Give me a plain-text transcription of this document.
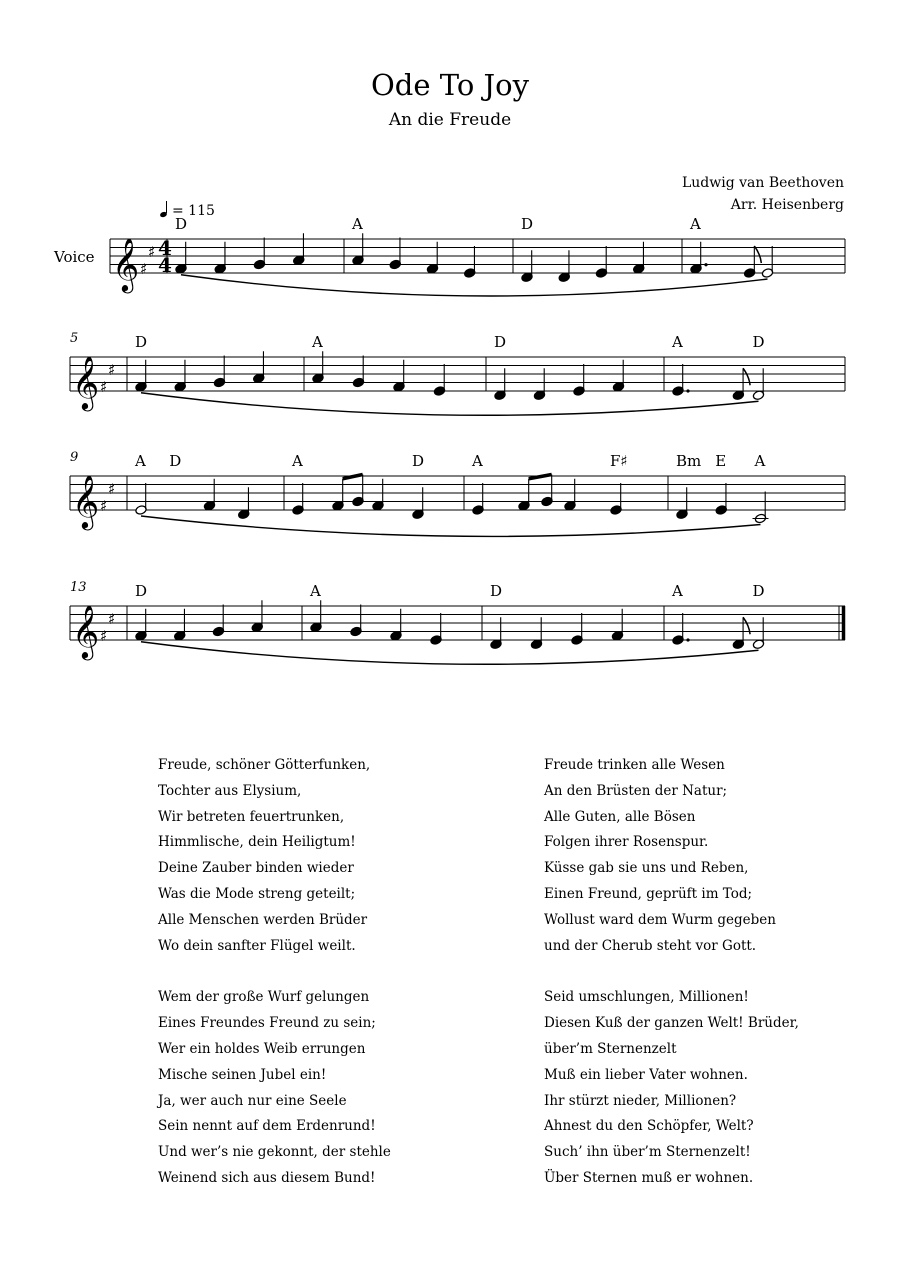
Ode To Joy
An die Freude
Ludwig van Beethoven
Arr. Heisenberg
= 115
Voice 𝄞 ♯
♯ 4
4
D	A	D	A
𝄞 ♯
♯
D	A	D	A	D
𝄞 ♯
♯
A D	A	D	A	F♯	Bm E A
𝄞 ♯
♯
D	A	D	A	D
5
9
13
Freude, schöner Götterfunken,
Tochter aus Elysium,
Wir betreten feuertrunken,
Himmlische, dein Heiligtum!
Deine Zauber binden wieder
Was die Mode streng geteilt;
Alle Menschen werden Brüder
Wo dein sanfter Flügel weilt.
Wem der große Wurf gelungen
Eines Freundes Freund zu sein;
Wer ein holdes Weib errungen
Mische seinen Jubel ein!
Ja, wer auch nur eine Seele
Sein nennt auf dem Erdenrund!
Und wer’s nie gekonnt, der stehle
Weinend sich aus diesem Bund!
Freude trinken alle Wesen
An den Brüsten der Natur;
Alle Guten, alle Bösen
Folgen ihrer Rosenspur.
Küsse gab sie uns und Reben,
Einen Freund, geprüft im Tod;
Wollust ward dem Wurm gegeben
und der Cherub steht vor Gott.
Seid umschlungen, Millionen!
Diesen Kuß der ganzen Welt! Brüder,
über’m Sternenzelt
Muß ein lieber Vater wohnen.
Ihr stürzt nieder, Millionen?
Ahnest du den Schöpfer, Welt?
Such’ ihn über’m Sternenzelt!
Über Sternen muß er wohnen.
